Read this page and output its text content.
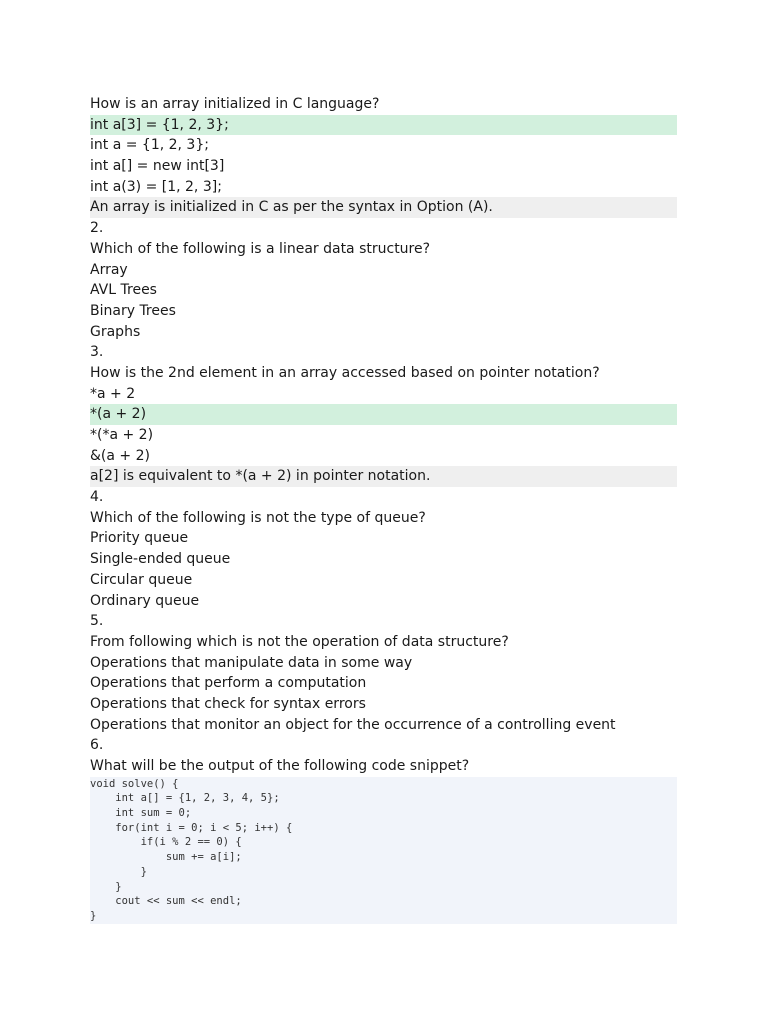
How is an array initialized in C language?
int a[3] = {1, 2, 3};
int a = {1, 2, 3};
int a[] = new int[3]
int a(3) = [1, 2, 3];
An array is initialized in C as per the syntax in Option (A).
2.
Which of the following is a linear data structure?
Array
AVL Trees
Binary Trees
Graphs
3.
How is the 2nd element in an array accessed based on pointer notation?
*a + 2
*(a + 2)
*(*a + 2)
&(a + 2)
a[2] is equivalent to *(a + 2) in pointer notation.
4.
Which of the following is not the type of queue?
Priority queue
Single-ended queue
Circular queue
Ordinary queue
5.
From following which is not the operation of data structure?
Operations that manipulate data in some way
Operations that perform a computation
Operations that check for syntax errors
Operations that monitor an object for the occurrence of a controlling event
6.
What will be the output of the following code snippet?
void solve() {
int a[] = {1, 2, 3, 4, 5};
int sum = 0;
for(int i = 0; i < 5; i++) {
if(i % 2 == 0) {
sum += a[i];
}
}
cout << sum << endl;
}
